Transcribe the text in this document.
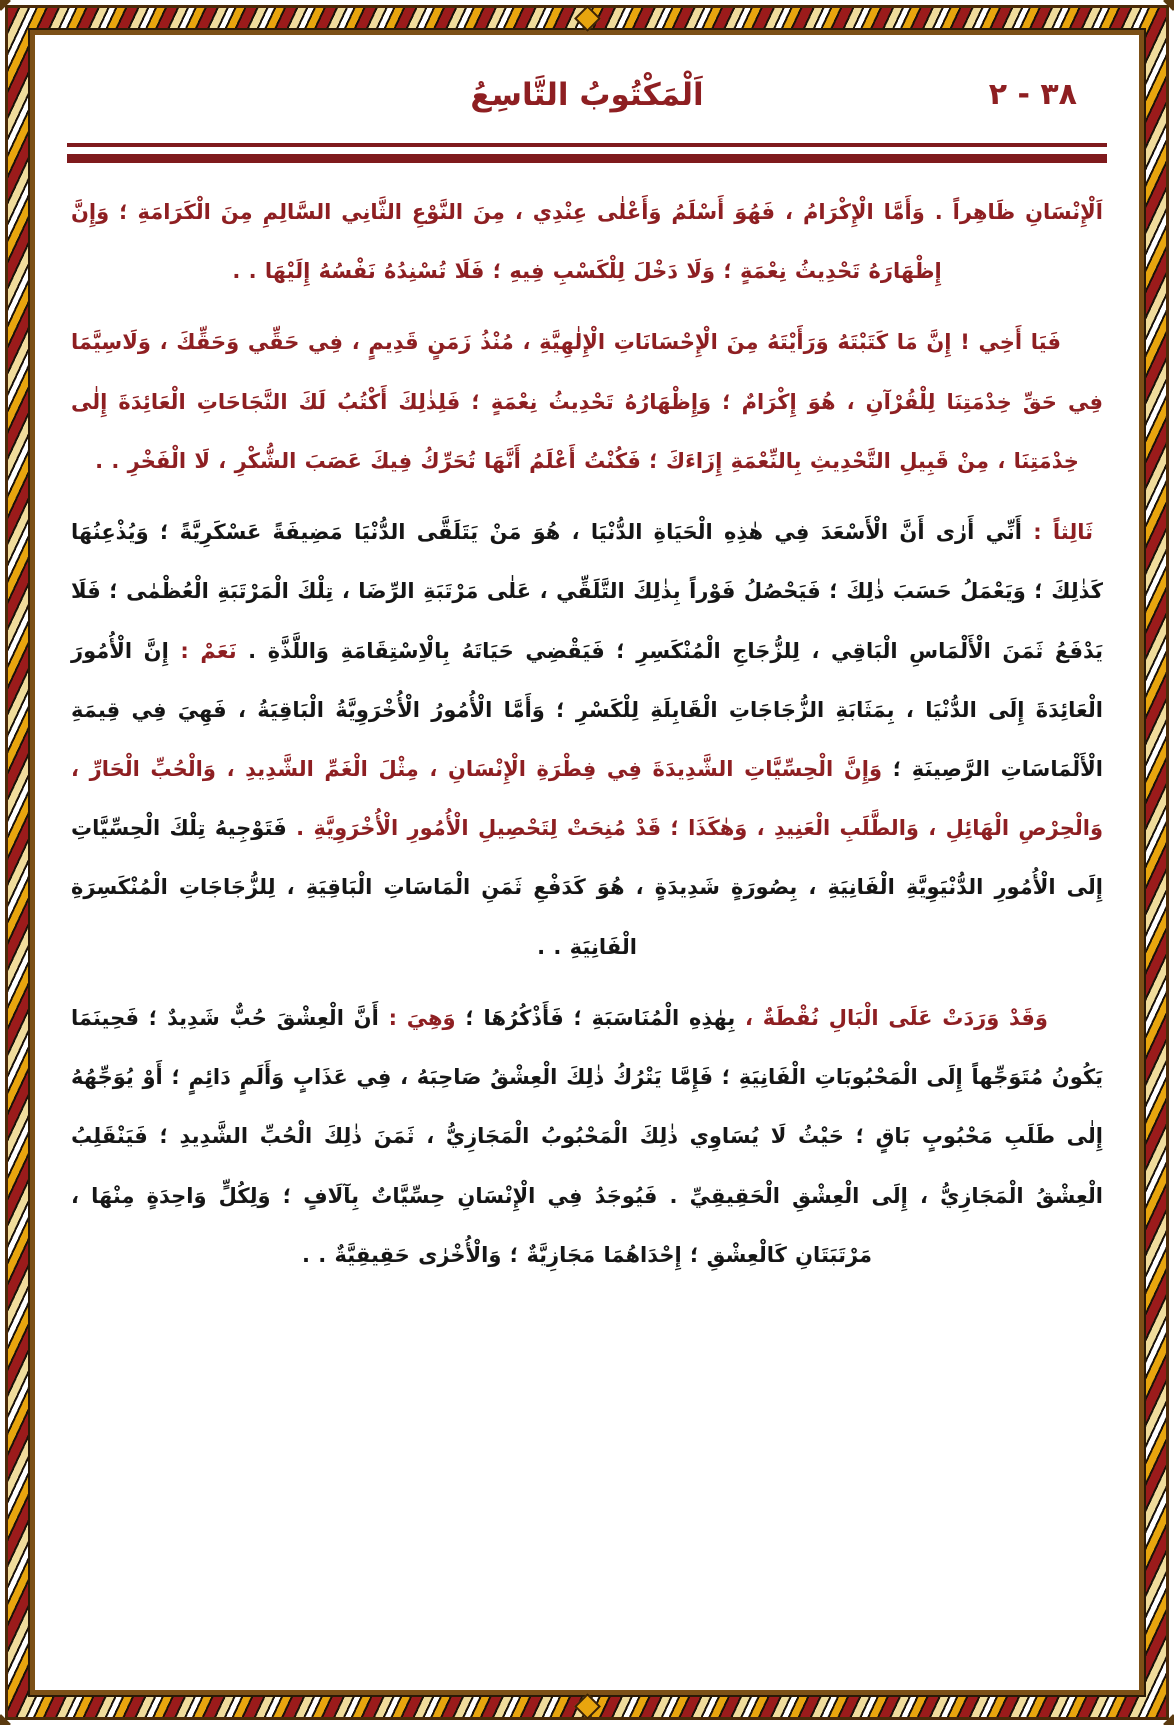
٣٨ - ٢
اَلْمَكْتُوبُ التَّاسِعُ

اَلْإِنْسَانِ ظَاهِراً . وَأَمَّا الْإِكْرَامُ ، فَهُوَ أَسْلَمُ وَأَعْلٰى عِنْدِي ، مِنَ النَّوْعِ الثَّانِي السَّالِمِ مِنَ الْكَرَامَةِ ؛ وَإِنَّ إِظْهَارَهُ تَحْدِيثُ نِعْمَةٍ ؛ وَلَا دَخْلَ لِلْكَسْبِ فِيهِ ؛ فَلَا تُسْنِدُهُ نَفْسُهُ إِلَيْهَا . .

فَيَا أَخِي ! إِنَّ مَا كَتَبْتَهُ وَرَأَيْتَهُ مِنَ الْإِحْسَانَاتِ الْإِلٰهِيَّةِ ، مُنْذُ زَمَنٍ قَدِيمٍ ، فِي حَقِّي وَحَقِّكَ ، وَلَاسِيَّمَا فِي حَقِّ خِدْمَتِنَا لِلْقُرْآنِ ، هُوَ إِكْرَامٌ ؛ وَإِظْهَارُهُ تَحْدِيثُ نِعْمَةٍ ؛ فَلِذٰلِكَ أَكْتُبُ لَكَ النَّجَاحَاتِ الْعَائِدَةَ إِلٰى خِدْمَتِنَا ، مِنْ قَبِيلِ التَّحْدِيثِ بِالنِّعْمَةِ إِزَاءَكَ ؛ فَكُنْتُ أَعْلَمُ أَنَّهَا تُحَرِّكُ فِيكَ عَصَبَ الشُّكْرِ ، لَا الْفَخْرِ . .

ثَالِثاً : أَنِّي أَرٰى أَنَّ الْأَسْعَدَ فِي هٰذِهِ الْحَيَاةِ الدُّنْيَا ، هُوَ مَنْ يَتَلَقَّى الدُّنْيَا مَضِيفَةً عَسْكَرِيَّةً ؛ وَيُذْعِنُهَا كَذٰلِكَ ؛ وَيَعْمَلُ حَسَبَ ذٰلِكَ ؛ فَيَحْصُلُ فَوْراً بِذٰلِكَ التَّلَقِّي ، عَلٰى مَرْتَبَةِ الرِّضَا ، تِلْكَ الْمَرْتَبَةِ الْعُظْمٰى ؛ فَلَا يَدْفَعُ ثَمَنَ الْأَلْمَاسِ الْبَاقِي ، لِلزُّجَاجِ الْمُنْكَسِرِ ؛ فَيَقْضِي حَيَاتَهُ بِالْاِسْتِقَامَةِ وَاللَّذَّةِ . نَعَمْ : إِنَّ الْأُمُورَ الْعَائِدَةَ إِلَى الدُّنْيَا ، بِمَثَابَةِ الزُّجَاجَاتِ الْقَابِلَةِ لِلْكَسْرِ ؛ وَأَمَّا الْأُمُورُ الْأُخْرَوِيَّةُ الْبَاقِيَةُ ، فَهِيَ فِي قِيمَةِ الْأَلْمَاسَاتِ الرَّصِينَةِ ؛ وَإِنَّ الْحِسِّيَّاتِ الشَّدِيدَةَ فِي فِطْرَةِ الْإِنْسَانِ ، مِثْلَ الْغَمِّ الشَّدِيدِ ، وَالْحُبِّ الْحَارِّ ، وَالْحِرْصِ الْهَائِلِ ، وَالطَّلَبِ الْعَنِيدِ ، وَهٰكَذَا ؛ قَدْ مُنِحَتْ لِتَحْصِيلِ الْأُمُورِ الْأُخْرَوِيَّةِ . فَتَوْجِيهُ تِلْكَ الْحِسِّيَّاتِ إِلَى الْأُمُورِ الدُّنْيَوِيَّةِ الْفَانِيَةِ ، بِصُورَةٍ شَدِيدَةٍ ، هُوَ كَدَفْعِ ثَمَنِ الْمَاسَاتِ الْبَاقِيَةِ ، لِلزُّجَاجَاتِ الْمُنْكَسِرَةِ الْفَانِيَةِ . .

وَقَدْ وَرَدَتْ عَلَى الْبَالِ نُقْطَةٌ ، بِهٰذِهِ الْمُنَاسَبَةِ ؛ فَأَذْكُرُهَا ؛ وَهِيَ : أَنَّ الْعِشْقَ حُبٌّ شَدِيدٌ ؛ فَحِينَمَا يَكُونُ مُتَوَجِّهاً إِلَى الْمَحْبُوبَاتِ الْفَانِيَةِ ؛ فَإِمَّا يَتْرُكُ ذٰلِكَ الْعِشْقُ صَاحِبَهُ ، فِي عَذَابٍ وَأَلَمٍ دَائِمٍ ؛ أَوْ يُوَجِّهُهُ إِلٰى طَلَبِ مَحْبُوبٍ بَاقٍ ؛ حَيْثُ لَا يُسَاوِي ذٰلِكَ الْمَحْبُوبُ الْمَجَازِيُّ ، ثَمَنَ ذٰلِكَ الْحُبِّ الشَّدِيدِ ؛ فَيَنْقَلِبُ الْعِشْقُ الْمَجَازِيُّ ، إِلَى الْعِشْقِ الْحَقِيقِيِّ . فَيُوجَدُ فِي الْإِنْسَانِ حِسِّيَّاتٌ بِآلَافٍ ؛ وَلِكُلٍّ وَاحِدَةٍ مِنْهَا ، مَرْتَبَتَانِ كَالْعِشْقِ ؛ إِحْدَاهُمَا مَجَازِيَّةٌ ؛ وَالْأُخْرٰى حَقِيقِيَّةٌ . .
